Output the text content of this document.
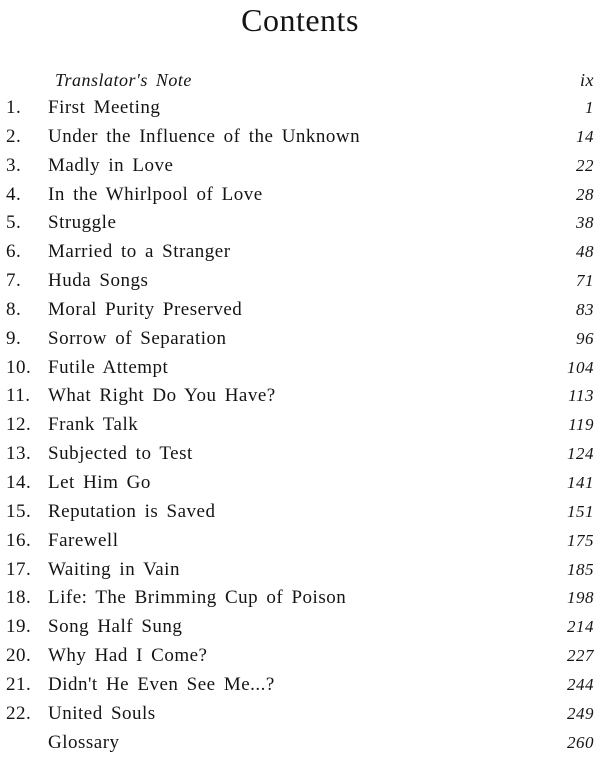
Contents
Translator's Note	ix
1. First Meeting	1
2. Under the Influence of the Unknown	14
3. Madly in Love	22
4. In the Whirlpool of Love	28
5. Struggle	38
6. Married to a Stranger	48
7. Huda Songs	71
8. Moral Purity Preserved	83
9. Sorrow of Separation	96
10. Futile Attempt	104
11. What Right Do You Have?	113
12. Frank Talk	119
13. Subjected to Test	124
14. Let Him Go	141
15. Reputation is Saved	151
16. Farewell	175
17. Waiting in Vain	185
18. Life: The Brimming Cup of Poison	198
19. Song Half Sung	214
20. Why Had I Come?	227
21. Didn't He Even See Me...?	244
22. United Souls	249
Glossary	260
